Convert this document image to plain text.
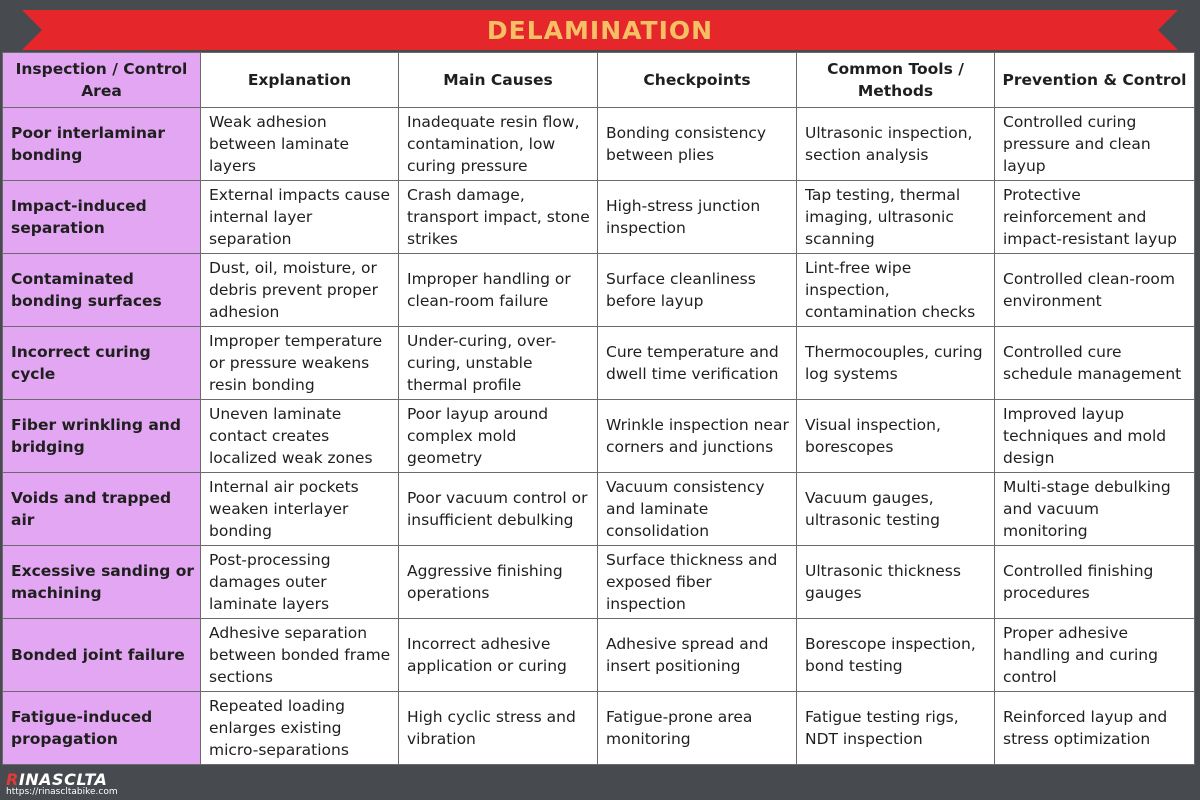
DELAMINATION
Inspection / Control Area	Explanation	Main Causes	Checkpoints	Common Tools / Methods	Prevention & Control
Poor interlaminar bonding	Weak adhesion between laminate layers	Inadequate resin flow, contamination, low curing pressure	Bonding consistency between plies	Ultrasonic inspection, section analysis	Controlled curing pressure and clean layup
Impact-induced separation	External impacts cause internal layer separation	Crash damage, transport impact, stone strikes	High-stress junction inspection	Tap testing, thermal imaging, ultrasonic scanning	Protective reinforcement and impact-resistant layup
Contaminated bonding surfaces	Dust, oil, moisture, or debris prevent proper adhesion	Improper handling or clean-room failure	Surface cleanliness before layup	Lint-free wipe inspection, contamination checks	Controlled clean-room environment
Incorrect curing cycle	Improper temperature or pressure weakens resin bonding	Under-curing, over-curing, unstable thermal profile	Cure temperature and dwell time verification	Thermocouples, curing log systems	Controlled cure schedule management
Fiber wrinkling and bridging	Uneven laminate contact creates localized weak zones	Poor layup around complex mold geometry	Wrinkle inspection near corners and junctions	Visual inspection, borescopes	Improved layup techniques and mold design
Voids and trapped air	Internal air pockets weaken interlayer bonding	Poor vacuum control or insufficient debulking	Vacuum consistency and laminate consolidation	Vacuum gauges, ultrasonic testing	Multi-stage debulking and vacuum monitoring
Excessive sanding or machining	Post-processing damages outer laminate layers	Aggressive finishing operations	Surface thickness and exposed fiber inspection	Ultrasonic thickness gauges	Controlled finishing procedures
Bonded joint failure	Adhesive separation between bonded frame sections	Incorrect adhesive application or curing	Adhesive spread and insert positioning	Borescope inspection, bond testing	Proper adhesive handling and curing control
Fatigue-induced propagation	Repeated loading enlarges existing micro-separations	High cyclic stress and vibration	Fatigue-prone area monitoring	Fatigue testing rigs, NDT inspection	Reinforced layup and stress optimization
RINASCLTA
https://rinascltabike.com
